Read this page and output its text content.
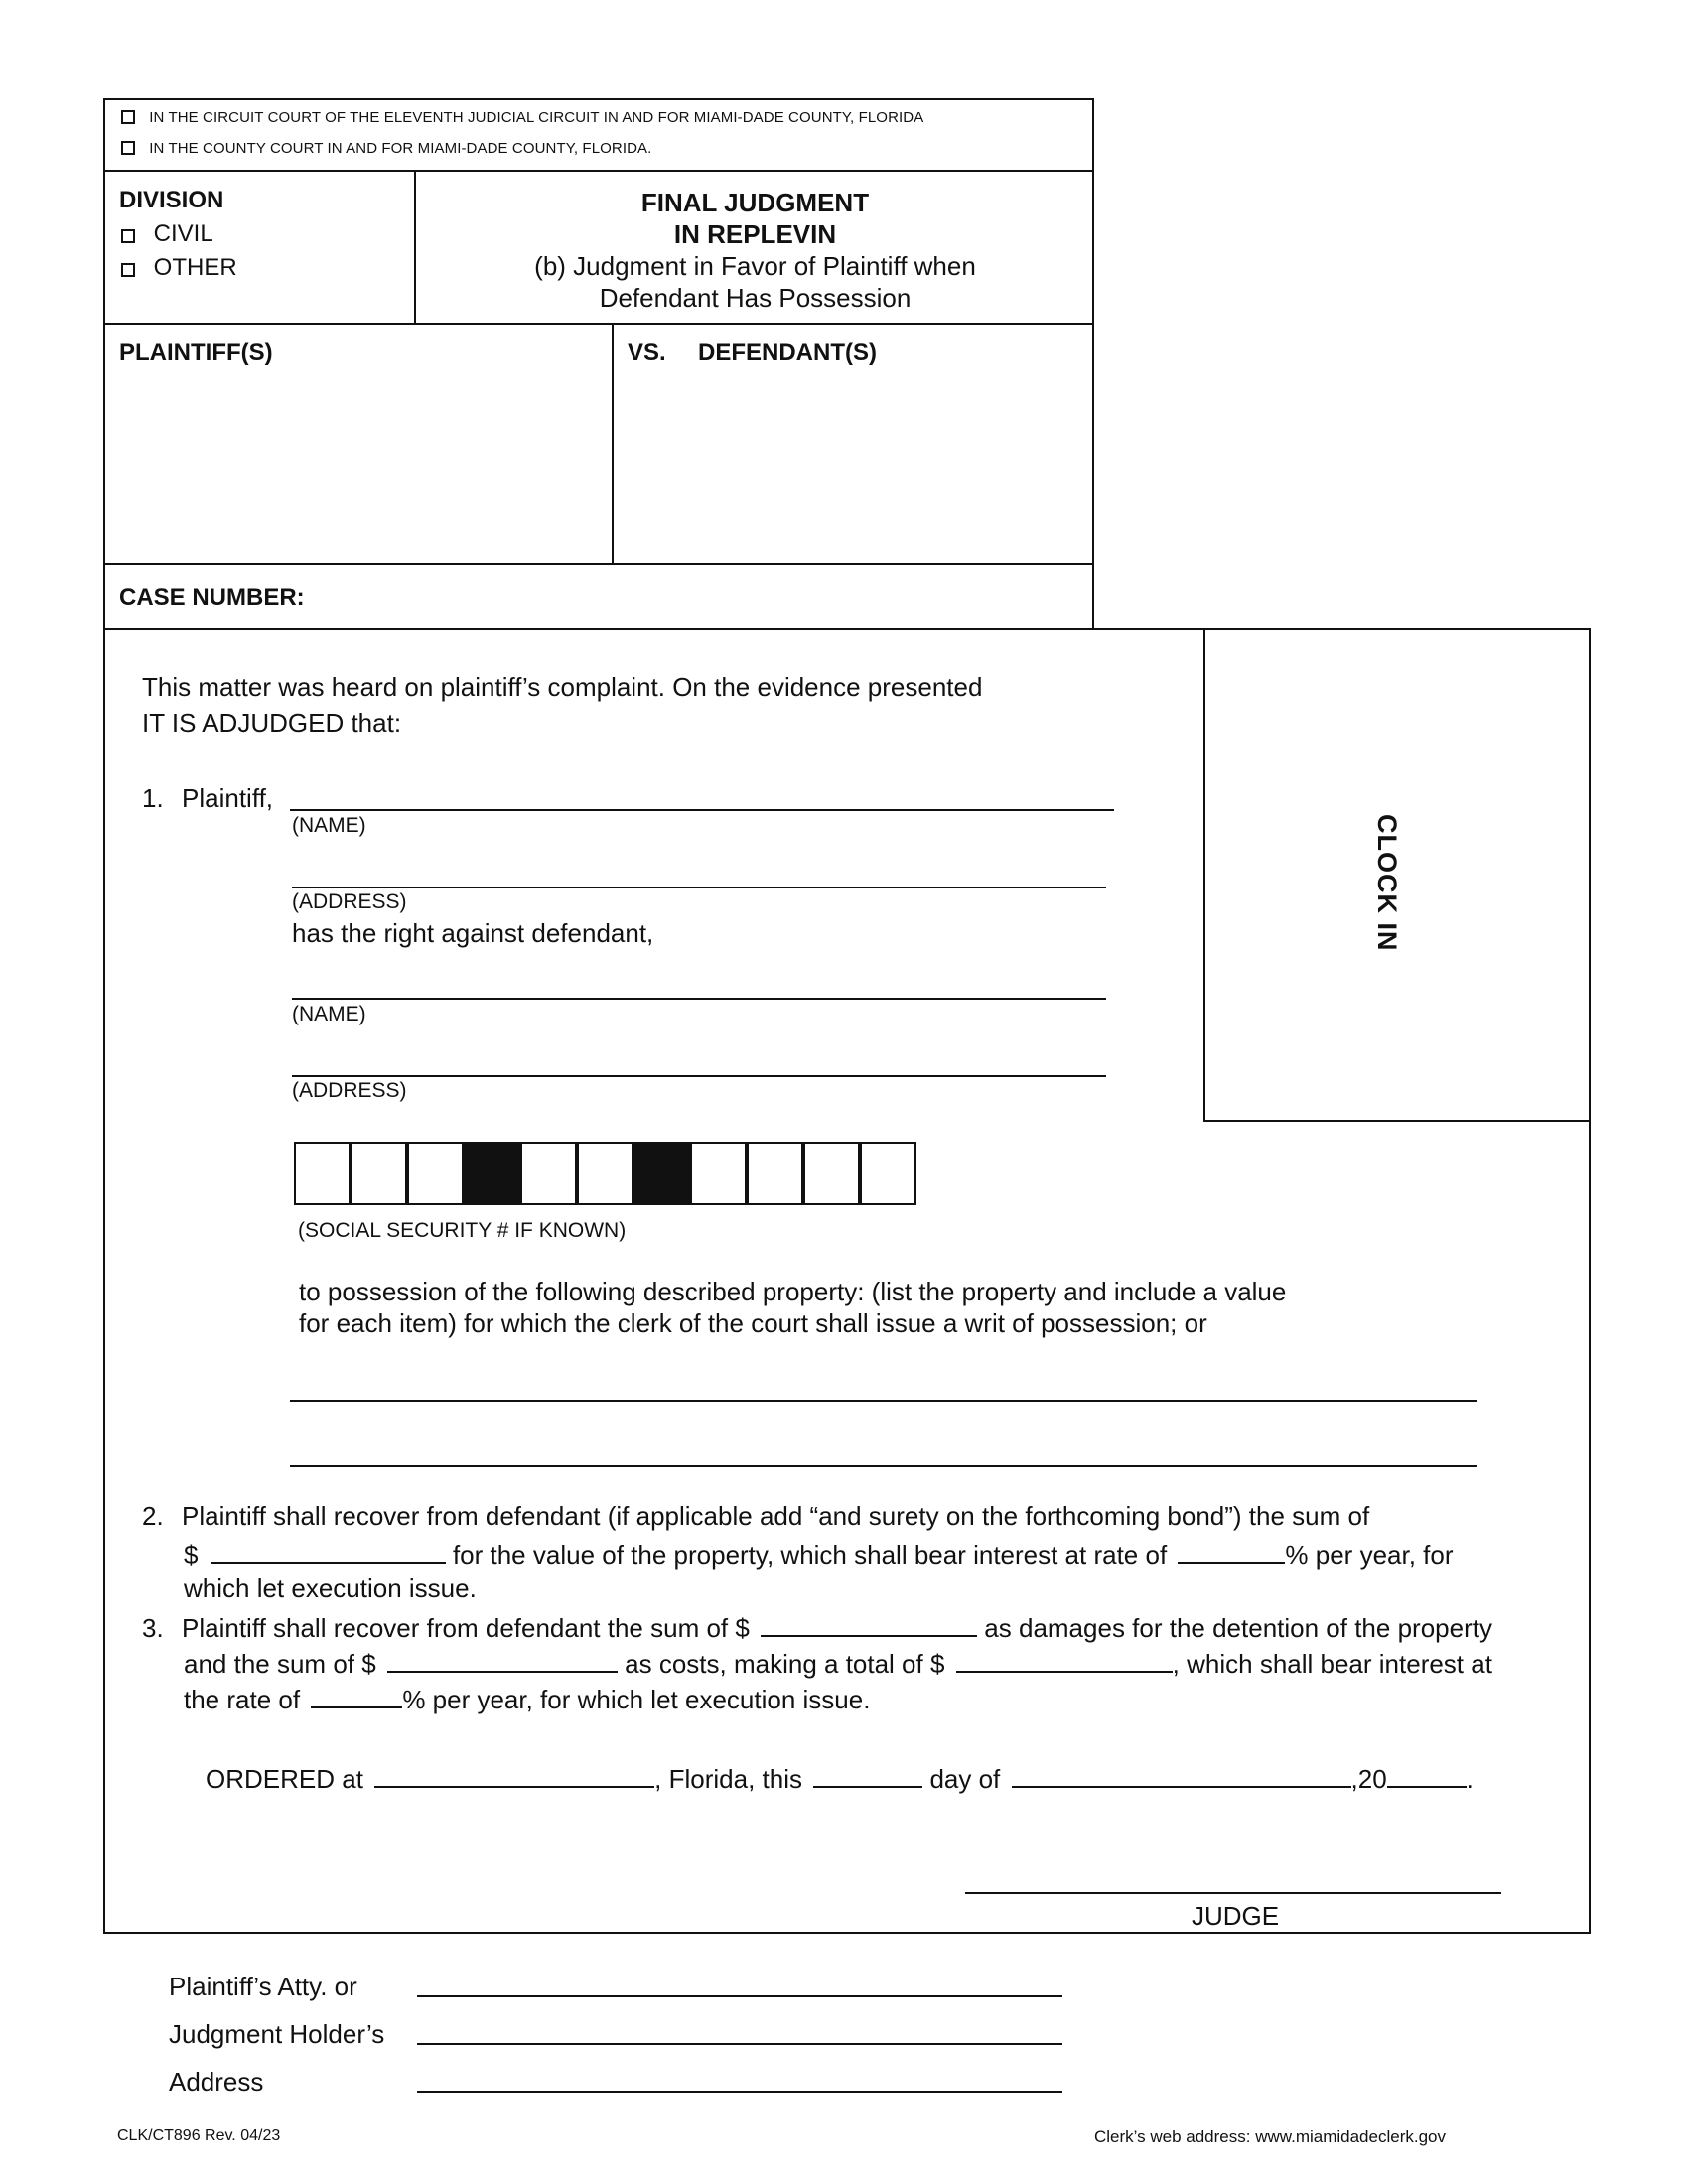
IN THE CIRCUIT COURT OF THE ELEVENTH JUDICIAL CIRCUIT IN AND FOR MIAMI-DADE COUNTY, FLORIDA
IN THE COUNTY COURT IN AND FOR MIAMI-DADE COUNTY, FLORIDA.
DIVISION
CIVIL
OTHER
FINAL JUDGMENT
IN REPLEVIN
(b) Judgment in Favor of Plaintiff when
Defendant Has Possession
PLAINTIFF(S)	VS. DEFENDANT(S)
CASE NUMBER:
CLOCK IN
This matter was heard on plaintiff’s complaint. On the evidence presented
IT IS ADJUDGED that:
1. Plaintiff,
(NAME)
(ADDRESS)
has the right against defendant,
(NAME)
(ADDRESS)
(SOCIAL SECURITY # IF KNOWN)
to possession of the following described property: (list the property and include a value
for each item) for which the clerk of the court shall issue a writ of possession; or
2. Plaintiff shall recover from defendant (if applicable add “and surety on the forthcoming bond”) the sum of
$	for the value of the property, which shall bear interest at rate of	% per year, for
which let execution issue.
3. Plaintiff shall recover from defendant the sum of $	as damages for the detention of the property
and the sum of $	as costs, making a total of $	, which shall bear interest at
the rate of	% per year, for which let execution issue.
ORDERED at	, Florida, this	day of	,20	.
JUDGE
Plaintiff’s Atty. or
Judgment Holder’s
Address
CLK/CT896 Rev. 04/23	Clerk’s web address: www.miamidadeclerk.gov
